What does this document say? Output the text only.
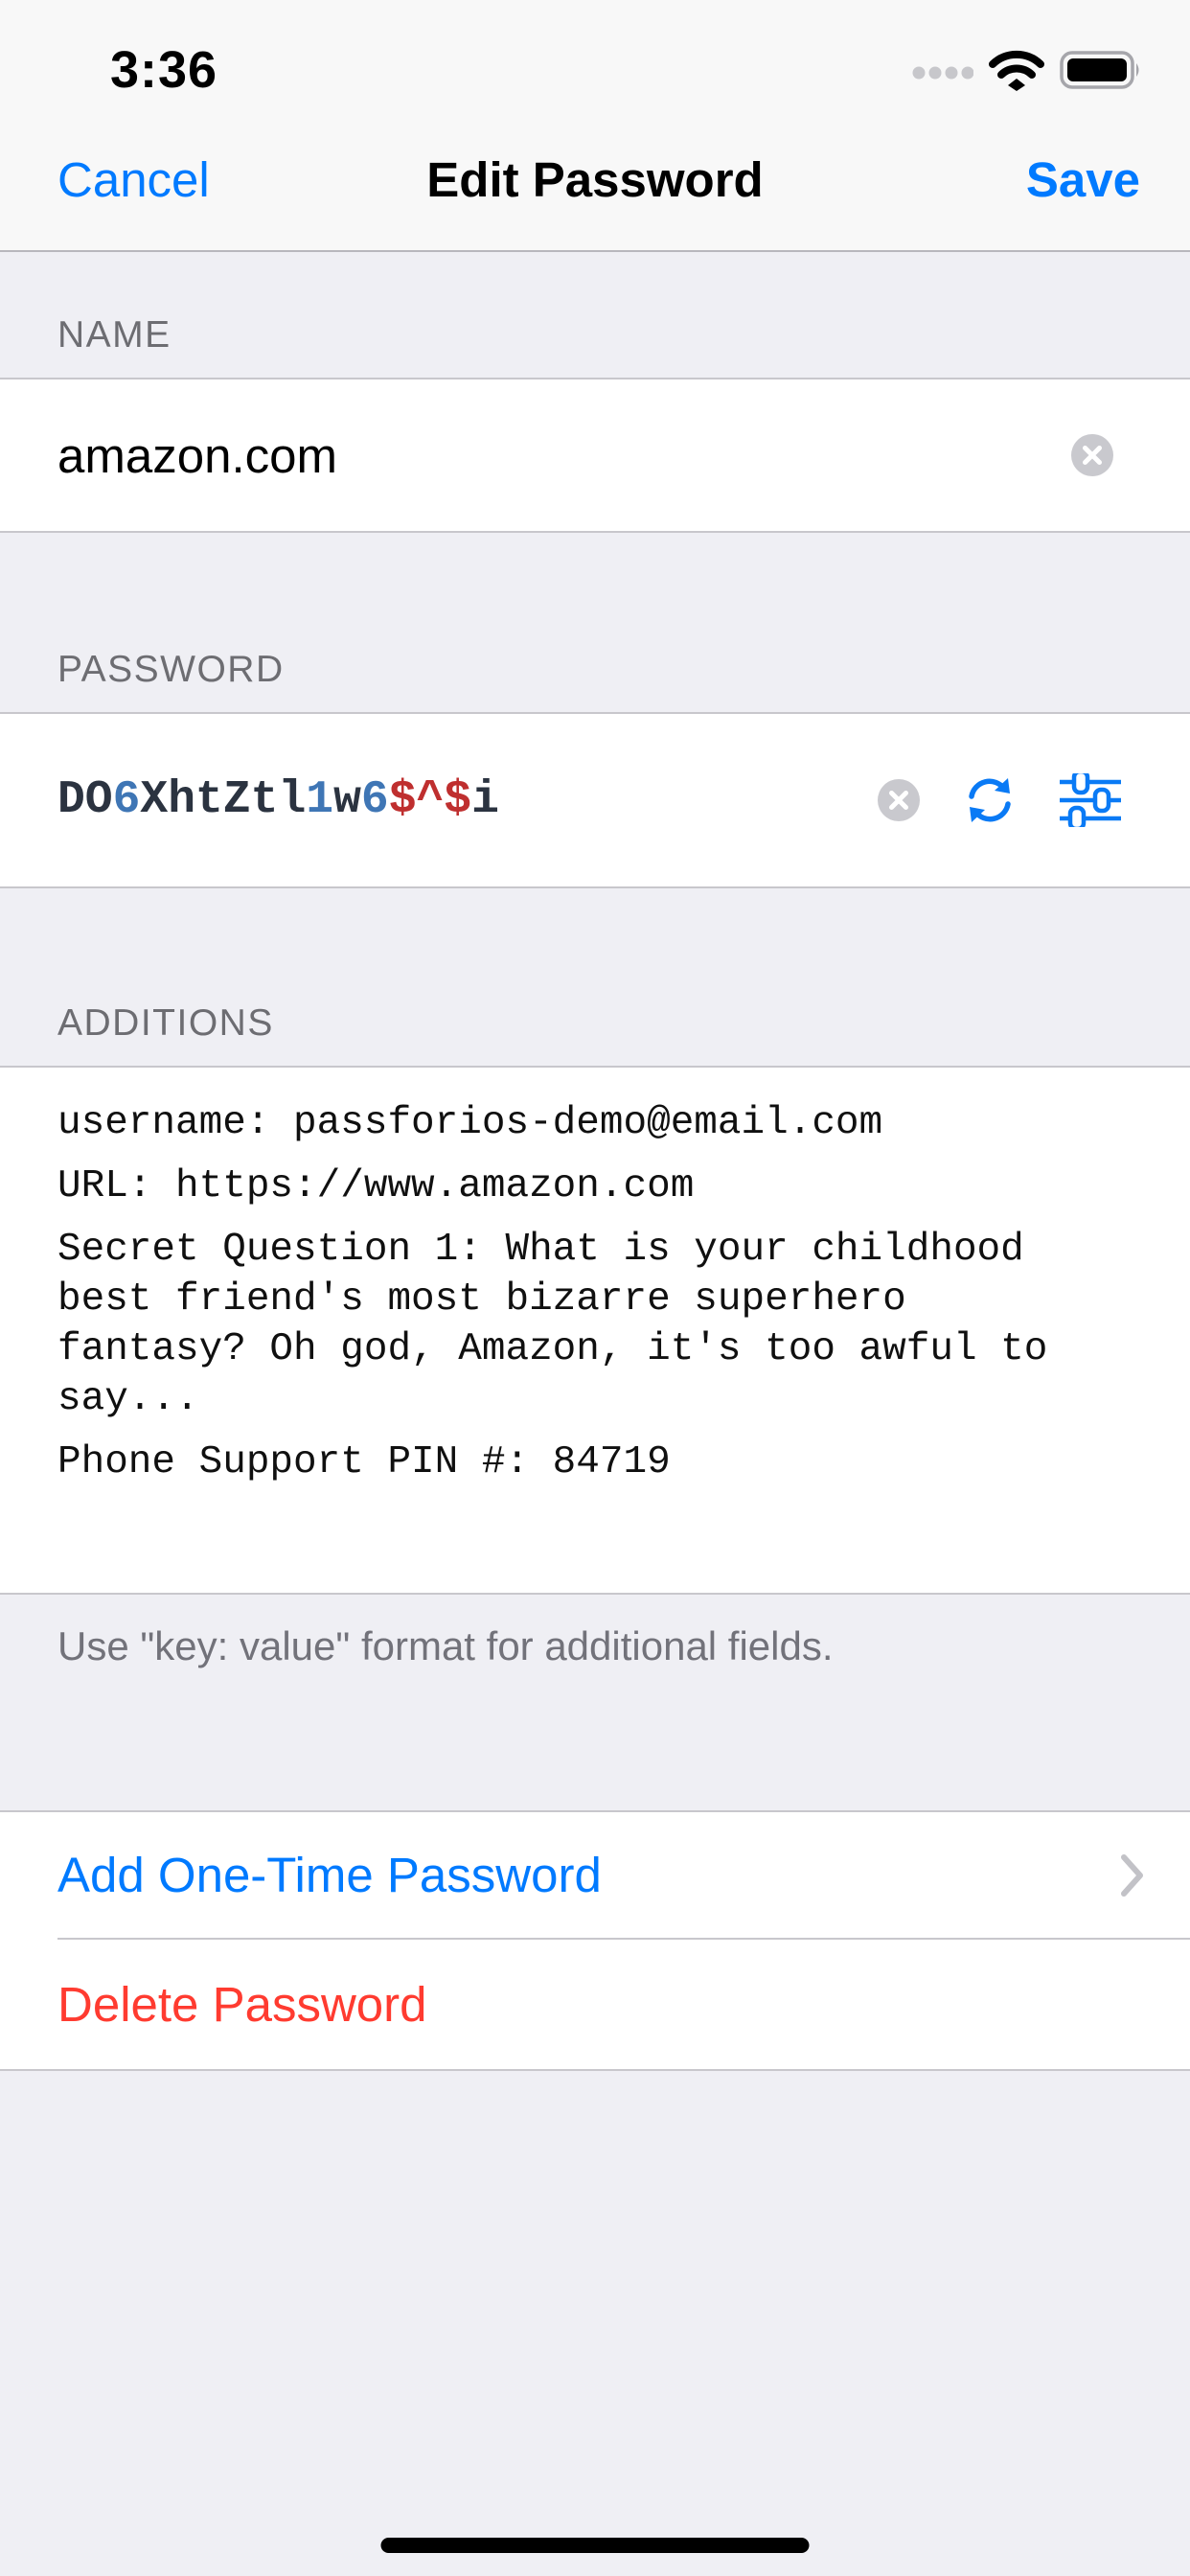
3:36
Edit Password
Cancel	Save
NAME
amazon.com
PASSWORD
DO6XhtZtl1w6$^$i
ADDITIONS
username: passforios-demo@email.com
URL: https://www.amazon.com
Secret Question 1: What is your childhood
best friend's most bizarre superhero
fantasy? Oh god, Amazon, it's too awful to
say...
Phone Support PIN #: 84719
Use "key: value" format for additional fields.
Add One-Time Password
Delete Password
